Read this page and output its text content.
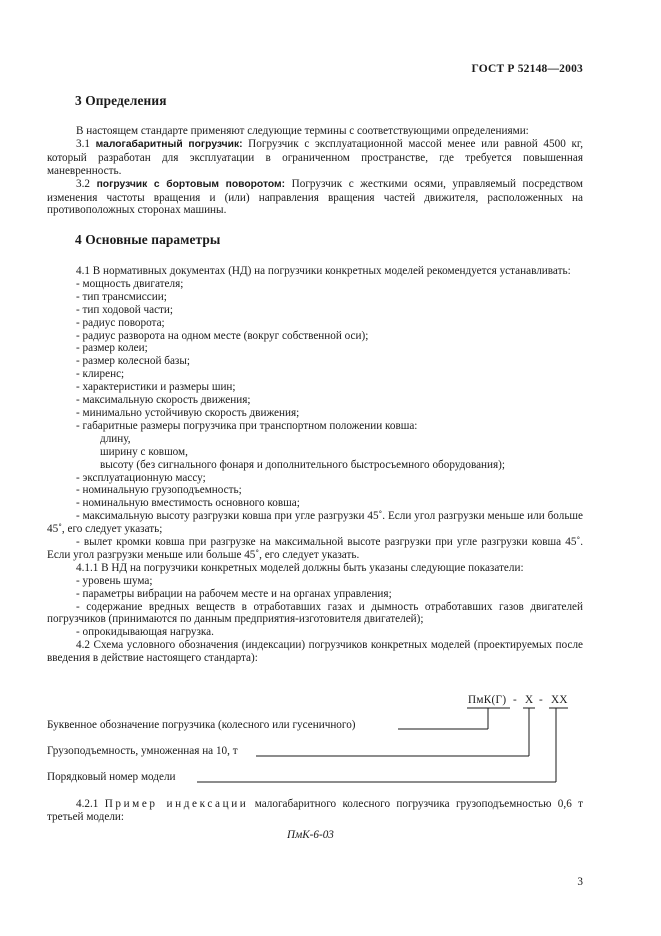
ГОСТ Р 52148—2003
3 Определения

В настоящем стандарте применяют следующие термины с соответствующими определениями:

3.1 малогабаритный погрузчик: Погрузчик с эксплуатационной массой менее или равной 4500 кг, который разработан для эксплуатации в ограниченном пространстве, где требуется повышенная маневренность.

3.2 погрузчик с бортовым поворотом: Погрузчик с жесткими осями, управляемый посредством изменения частоты вращения и (или) направления вращения частей движителя, расположенных на противоположных сторонах машины.

4 Основные параметры

4.1 В нормативных документах (НД) на погрузчики конкретных моделей рекомендуется устанавливать:

- мощность двигателя;
- тип трансмиссии;
- тип ходовой части;
- радиус поворота;
- радиус разворота на одном месте (вокруг собственной оси);
- размер колеи;
- размер колесной базы;
- клиренс;
- характеристики и размеры шин;
- максимальную скорость движения;
- минимально устойчивую скорость движения;
- габаритные размеры погрузчика при транспортном положении ковша:
длину,
ширину с ковшом,
высоту (без сигнального фонаря и дополнительного быстросъемного оборудования);
- эксплуатационную массу;
- номинальную грузоподъемность;
- номинальную вместимость основного ковша;

- максимальную высоту разгрузки ковша при угле разгрузки 45˚. Если угол разгрузки меньше или больше 45˚, его следует указать;

- вылет кромки ковша при разгрузке на максимальной высоте разгрузки при угле разгрузки ковша 45˚. Если угол разгрузки меньше или больше 45˚, его следует указать.

4.1.1 В НД на погрузчики конкретных моделей должны быть указаны следующие показатели:

- уровень шума;
- параметры вибрации на рабочем месте и на органах управления;

- содержание вредных веществ в отработавших газах и дымность отработавших газов двигателей погрузчиков (принимаются по данным предприятия-изготовителя двигателей);

- опрокидывающая нагрузка.

4.2 Схема условного обозначения (индексации) погрузчиков конкретных моделей (проектируемых после введения в действие настоящего стандарта):

ПмК(Г) - Х - ХХ
Буквенное обозначение погрузчика (колесного или гусеничного)
Грузоподъемность, умноженная на 10, т
Порядковый номер модели

4.2.1 Пример индексации малогабаритного колесного погрузчика грузоподъемностью 0,6 т третьей модели:

ПмК-6-03
3
